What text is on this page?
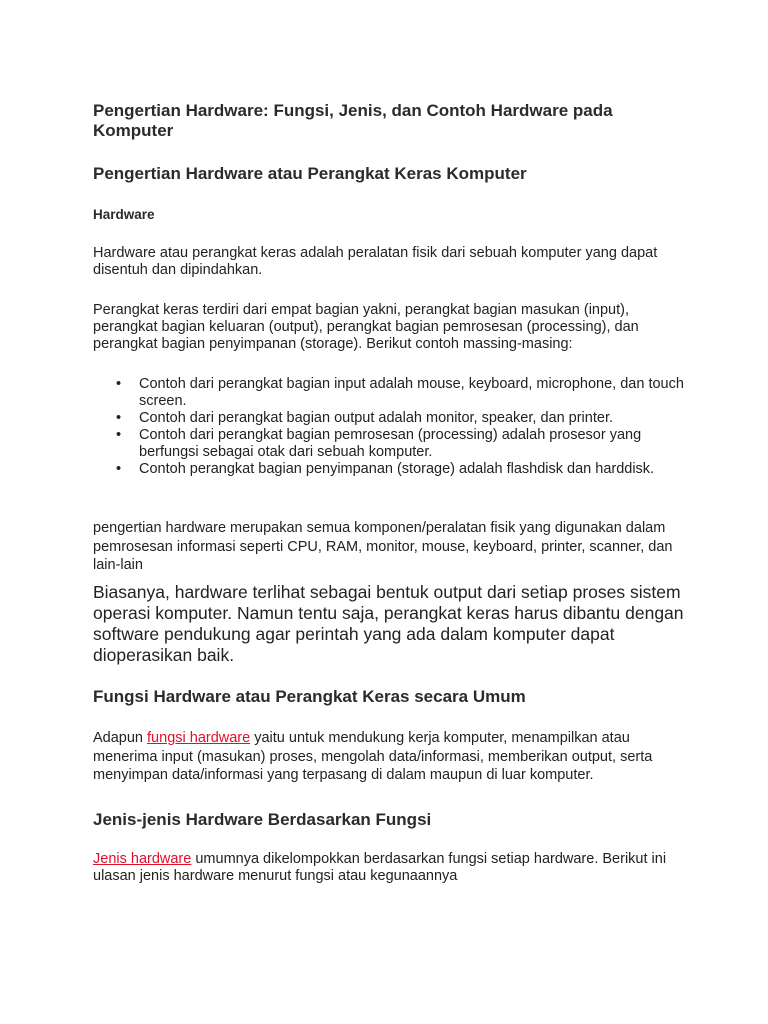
Pengertian Hardware: Fungsi, Jenis, dan Contoh Hardware pada Komputer
Pengertian Hardware atau Perangkat Keras Komputer
Hardware

Hardware atau perangkat keras adalah peralatan fisik dari sebuah komputer yang dapat disentuh dan dipindahkan.

Perangkat keras terdiri dari empat bagian yakni, perangkat bagian masukan (input), perangkat bagian keluaran (output), perangkat bagian pemrosesan (processing), dan perangkat bagian penyimpanan (storage). Berikut contoh massing-masing:

• Contoh dari perangkat bagian input adalah mouse, keyboard, microphone, dan touch screen.
• Contoh dari perangkat bagian output adalah monitor, speaker, dan printer.
• Contoh dari perangkat bagian pemrosesan (processing) adalah prosesor yang berfungsi sebagai otak dari sebuah komputer.
• Contoh perangkat bagian penyimpanan (storage) adalah flashdisk dan harddisk.

pengertian hardware merupakan semua komponen/peralatan fisik yang digunakan dalam pemrosesan informasi seperti CPU, RAM, monitor, mouse, keyboard, printer, scanner, dan lain-lain

Biasanya, hardware terlihat sebagai bentuk output dari setiap proses sistem operasi komputer. Namun tentu saja, perangkat keras harus dibantu dengan software pendukung agar perintah yang ada dalam komputer dapat dioperasikan baik.

Fungsi Hardware atau Perangkat Keras secara Umum

Adapun fungsi hardware yaitu untuk mendukung kerja komputer, menampilkan atau menerima input (masukan) proses, mengolah data/informasi, memberikan output, serta menyimpan data/informasi yang terpasang di dalam maupun di luar komputer.

Jenis-jenis Hardware Berdasarkan Fungsi

Jenis hardware umumnya dikelompokkan berdasarkan fungsi setiap hardware. Berikut ini ulasan jenis hardware menurut fungsi atau kegunaannya
